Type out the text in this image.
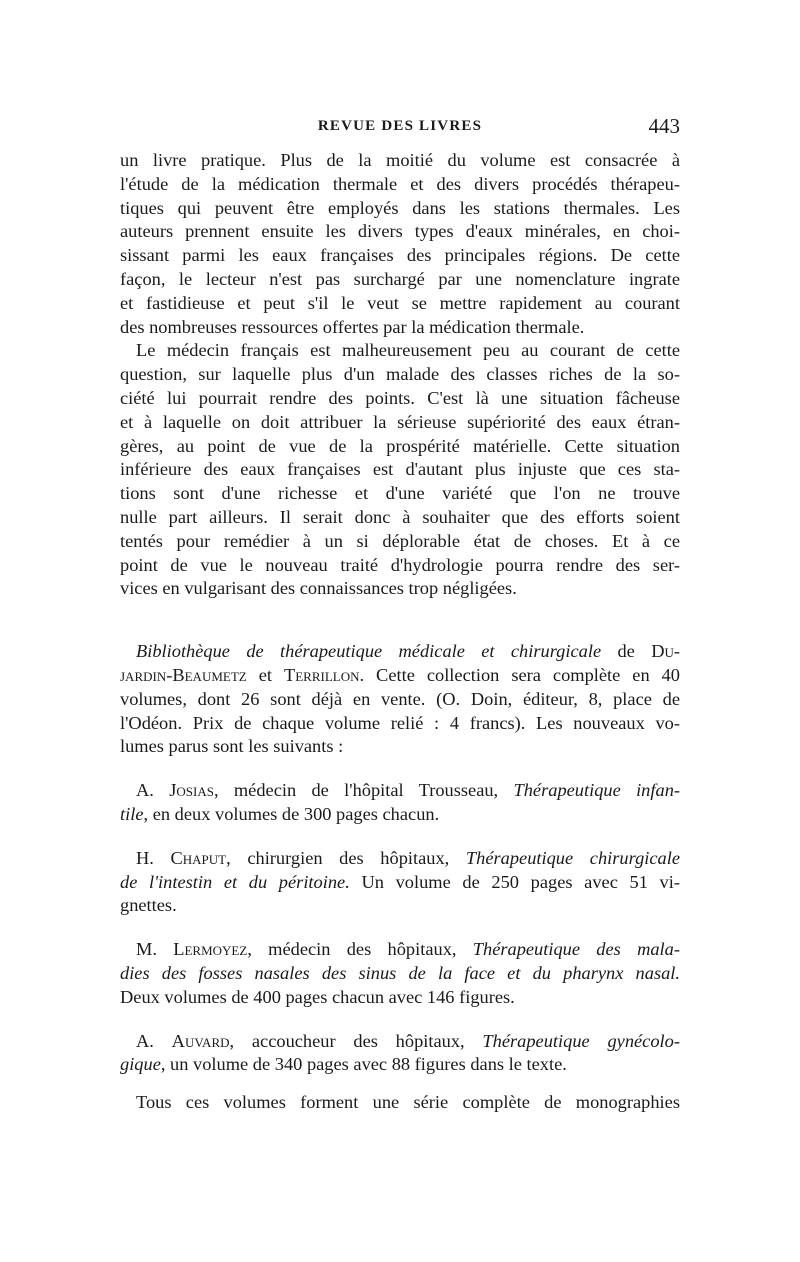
REVUE DES LIVRES	443

un livre pratique. Plus de la moitié du volume est consacrée à
l'étude de la médication thermale et des divers procédés thérapeu-
tiques qui peuvent être employés dans les stations thermales. Les
auteurs prennent ensuite les divers types d'eaux minérales, en choi-
sissant parmi les eaux françaises des principales régions. De cette
façon, le lecteur n'est pas surchargé par une nomenclature ingrate
et fastidieuse et peut s'il le veut se mettre rapidement au courant
des nombreuses ressources offertes par la médication thermale.

Le médecin français est malheureusement peu au courant de cette
question, sur laquelle plus d'un malade des classes riches de la so-
ciété lui pourrait rendre des points. C'est là une situation fâcheuse
et à laquelle on doit attribuer la sérieuse supériorité des eaux étran-
gères, au point de vue de la prospérité matérielle. Cette situation
inférieure des eaux françaises est d'autant plus injuste que ces sta-
tions sont d'une richesse et d'une variété que l'on ne trouve
nulle part ailleurs. Il serait donc à souhaiter que des efforts soient
tentés pour remédier à un si déplorable état de choses. Et à ce
point de vue le nouveau traité d'hydrologie pourra rendre des ser-
vices en vulgarisant des connaissances trop négligées.

Bibliothèque de thérapeutique médicale et chirurgicale de Du-
jardin-Beaumetz et Terrillon. Cette collection sera complète en 40
volumes, dont 26 sont déjà en vente. (O. Doin, éditeur, 8, place de
l'Odéon. Prix de chaque volume relié : 4 francs). Les nouveaux vo-
lumes parus sont les suivants :

A. Josias, médecin de l'hôpital Trousseau, Thérapeutique infan-
tile, en deux volumes de 300 pages chacun.

H. Chaput, chirurgien des hôpitaux, Thérapeutique chirurgicale
de l'intestin et du péritoine. Un volume de 250 pages avec 51 vi-
gnettes.

M. Lermoyez, médecin des hôpitaux, Thérapeutique des mala-
dies des fosses nasales des sinus de la face et du pharynx nasal.
Deux volumes de 400 pages chacun avec 146 figures.

A. Auvard, accoucheur des hôpitaux, Thérapeutique gynécolo-
gique, un volume de 340 pages avec 88 figures dans le texte.

Tous ces volumes forment une série complète de monographies
